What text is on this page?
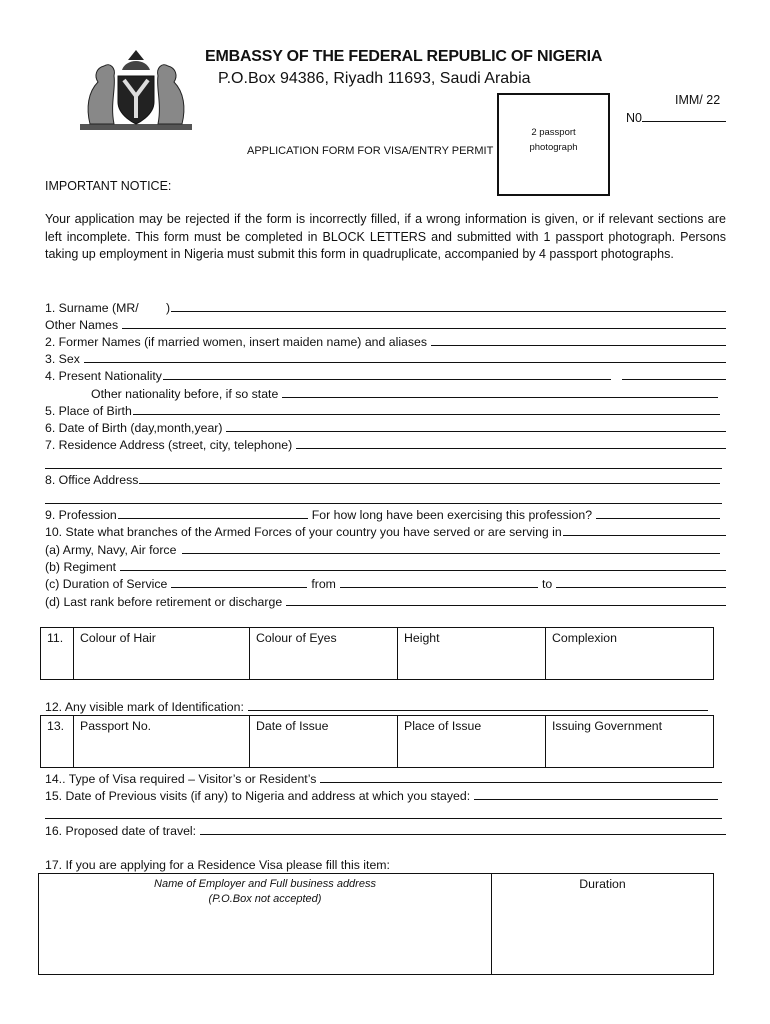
EMBASSY OF THE FEDERAL REPUBLIC OF NIGERIA
P.O.Box 94386, Riyadh 11693, Saudi Arabia
2 passport
photograph
IMM/ 22
N0
APPLICATION FORM FOR VISA/ENTRY PERMIT
IMPORTANT NOTICE:
Your application may be rejected if the form is incorrectly filled, if a wrong information is given, or if relevant sections are left incomplete. This form must be completed in BLOCK LETTERS and submitted with 1 passport photograph. Persons taking up employment in Nigeria must submit this form in quadruplicate, accompanied by 4 passport photographs.
1. Surname (MR/        )
Other Names
2. Former Names (if married women, insert maiden name) and aliases
3. Sex
4. Present Nationality
Other nationality before, if so state
5. Place of Birth
6. Date of Birth (day,month,year)
7. Residence Address (street, city, telephone)
8. Office Address
9. Profession	For how long have been exercising this profession?
10. State what branches of the Armed Forces of your country you have served or are serving in
(a) Army, Navy, Air force
(b) Regiment
(c) Duration of Service	from	to
(d) Last rank before retirement or discharge
11.	Colour of Hair	Colour of Eyes	Height	Complexion
12. Any visible mark of Identification:
13.	Passport No.	Date of Issue	Place of Issue	Issuing Government
14.. Type of Visa required – Visitor’s or Resident’s
15. Date of Previous visits (if any) to Nigeria and address at which you stayed:
16. Proposed date of travel:
17. If you are applying for a Residence Visa please fill this item:
Name of Employer and Full business address
(P.O.Box not accepted)
	Duration
